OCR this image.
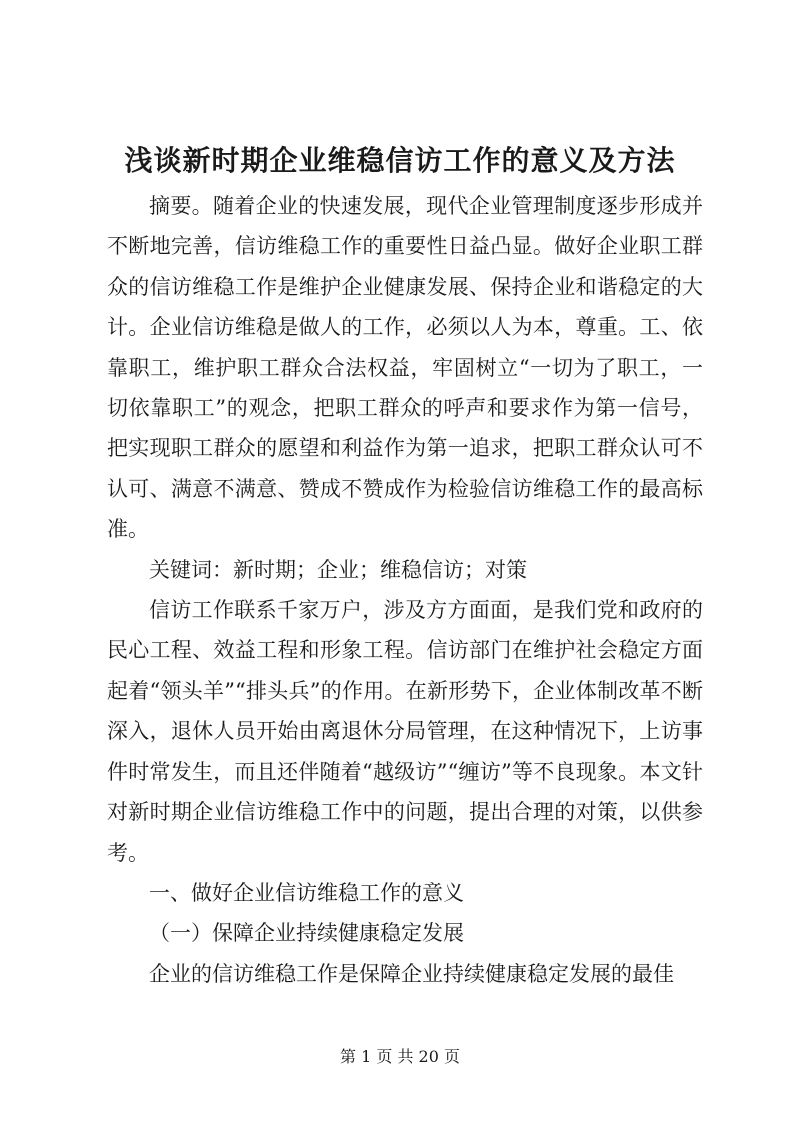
浅谈新时期企业维稳信访工作的意义及方法

摘要。随着企业的快速发展，现代企业管理制度逐步形成并不断地完善，信访维稳工作的重要性日益凸显。做好企业职工群众的信访维稳工作是维护企业健康发展、保持企业和谐稳定的大计。企业信访维稳是做人的工作，必须以人为本，尊重。工、依靠职工，维护职工群众合法权益，牢固树立“一切为了职工，一切依靠职工”的观念，把职工群众的呼声和要求作为第一信号，把实现职工群众的愿望和利益作为第一追求，把职工群众认可不认可、满意不满意、赞成不赞成作为检验信访维稳工作的最高标准。

关键词：新时期；企业；维稳信访；对策

信访工作联系千家万户，涉及方方面面，是我们党和政府的民心工程、效益工程和形象工程。信访部门在维护社会稳定方面起着“领头羊”“排头兵”的作用。在新形势下，企业体制改革不断深入，退休人员开始由离退休分局管理，在这种情况下，上访事件时常发生，而且还伴随着“越级访”“缠访”等不良现象。本文针对新时期企业信访维稳工作中的问题，提出合理的对策，以供参考。

一、做好企业信访维稳工作的意义

（一）保障企业持续健康稳定发展

企业的信访维稳工作是保障企业持续健康稳定发展的最佳

第 1 页 共 20 页
